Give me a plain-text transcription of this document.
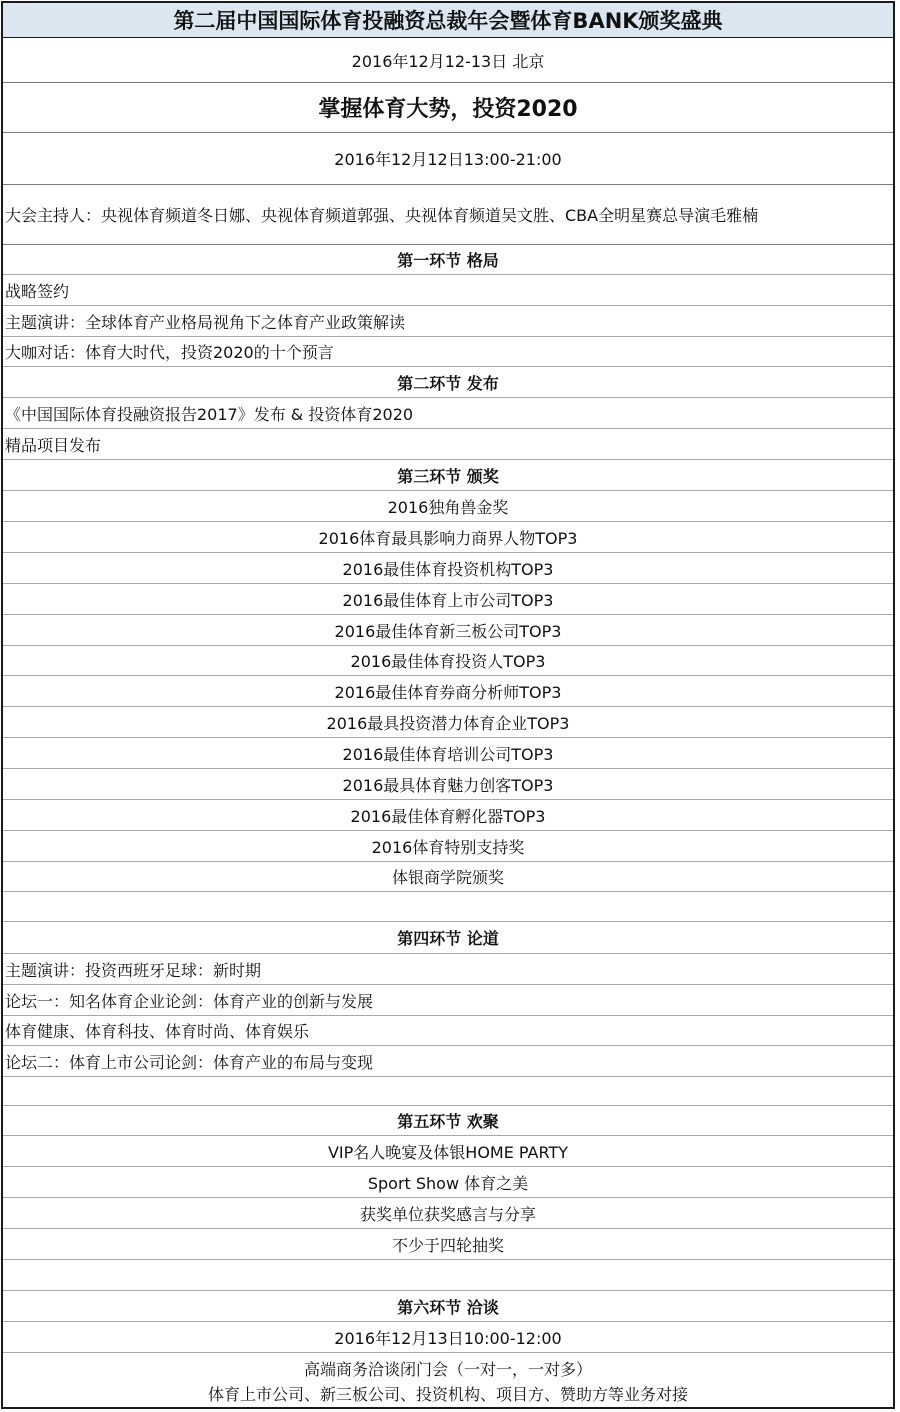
第二届中国国际体育投融资总裁年会暨体育BANK颁奖盛典
2016年12月12-13日 北京
掌握体育大势，投资2020
2016年12月12日13:00-21:00
大会主持人：央视体育频道冬日娜、央视体育频道郭强、央视体育频道吴文胜、CBA全明星赛总导演毛雅楠
第一环节 格局
战略签约
主题演讲：全球体育产业格局视角下之体育产业政策解读
大咖对话：体育大时代，投资2020的十个预言
第二环节 发布
《中国国际体育投融资报告2017》发布 & 投资体育2020
精品项目发布
第三环节 颁奖
2016独角兽金奖
2016体育最具影响力商界人物TOP3
2016最佳体育投资机构TOP3
2016最佳体育上市公司TOP3
2016最佳体育新三板公司TOP3
2016最佳体育投资人TOP3
2016最佳体育券商分析师TOP3
2016最具投资潜力体育企业TOP3
2016最佳体育培训公司TOP3
2016最具体育魅力创客TOP3
2016最佳体育孵化器TOP3
2016体育特别支持奖
体银商学院颁奖
第四环节 论道
主题演讲：投资西班牙足球：新时期
论坛一：知名体育企业论剑：体育产业的创新与发展
体育健康、体育科技、体育时尚、体育娱乐
论坛二：体育上市公司论剑：体育产业的布局与变现
第五环节 欢聚
VIP名人晚宴及体银HOME PARTY
Sport Show 体育之美
获奖单位获奖感言与分享
不少于四轮抽奖
第六环节 洽谈
2016年12月13日10:00-12:00
高端商务洽谈闭门会（一对一，一对多）
体育上市公司、新三板公司、投资机构、项目方、赞助方等业务对接
